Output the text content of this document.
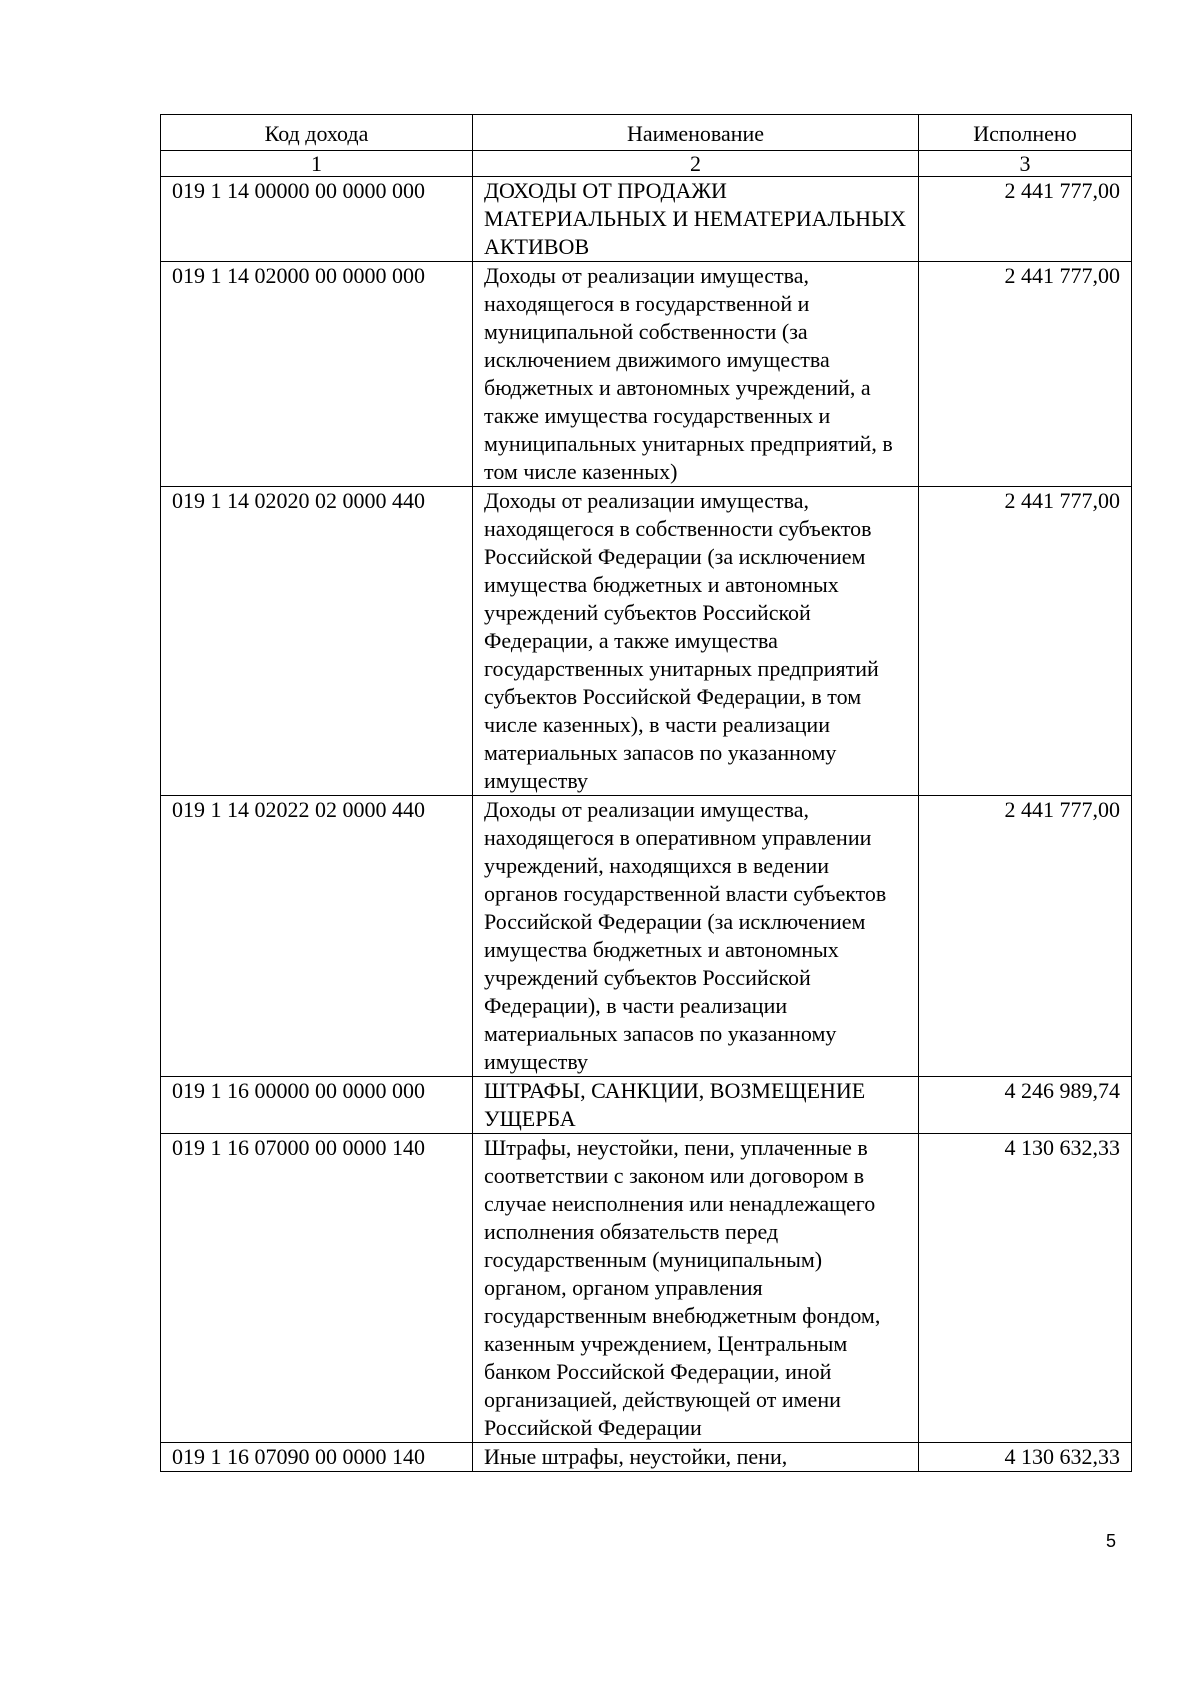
Код дохода	Наименование	Исполнено
1	2	3
019 1 14 00000 00 0000 000	ДОХОДЫ ОТ ПРОДАЖИ МАТЕРИАЛЬНЫХ И НЕМАТЕРИАЛЬНЫХ АКТИВОВ	2 441 777,00
019 1 14 02000 00 0000 000	Доходы от реализации имущества, находящегося в государственной и муниципальной собственности (за исключением движимого имущества бюджетных и автономных учреждений, а также имущества государственных и муниципальных унитарных предприятий, в том числе казенных)	2 441 777,00
019 1 14 02020 02 0000 440	Доходы от реализации имущества, находящегося в собственности субъектов Российской Федерации (за исключением имущества бюджетных и автономных учреждений субъектов Российской Федерации, а также имущества государственных унитарных предприятий субъектов Российской Федерации, в том числе казенных), в части реализации материальных запасов по указанному имуществу	2 441 777,00
019 1 14 02022 02 0000 440	Доходы от реализации имущества, находящегося в оперативном управлении учреждений, находящихся в ведении органов государственной власти субъектов Российской Федерации (за исключением имущества бюджетных и автономных учреждений субъектов Российской Федерации), в части реализации материальных запасов по указанному имуществу	2 441 777,00
019 1 16 00000 00 0000 000	ШТРАФЫ, САНКЦИИ, ВОЗМЕЩЕНИЕ УЩЕРБА	4 246 989,74
019 1 16 07000 00 0000 140	Штрафы, неустойки, пени, уплаченные в соответствии с законом или договором в случае неисполнения или ненадлежащего исполнения обязательств перед государственным (муниципальным) органом, органом управления государственным внебюджетным фондом, казенным учреждением, Центральным банком Российской Федерации, иной организацией, действующей от имени Российской Федерации	4 130 632,33
019 1 16 07090 00 0000 140	Иные штрафы, неустойки, пени,	4 130 632,33
5
